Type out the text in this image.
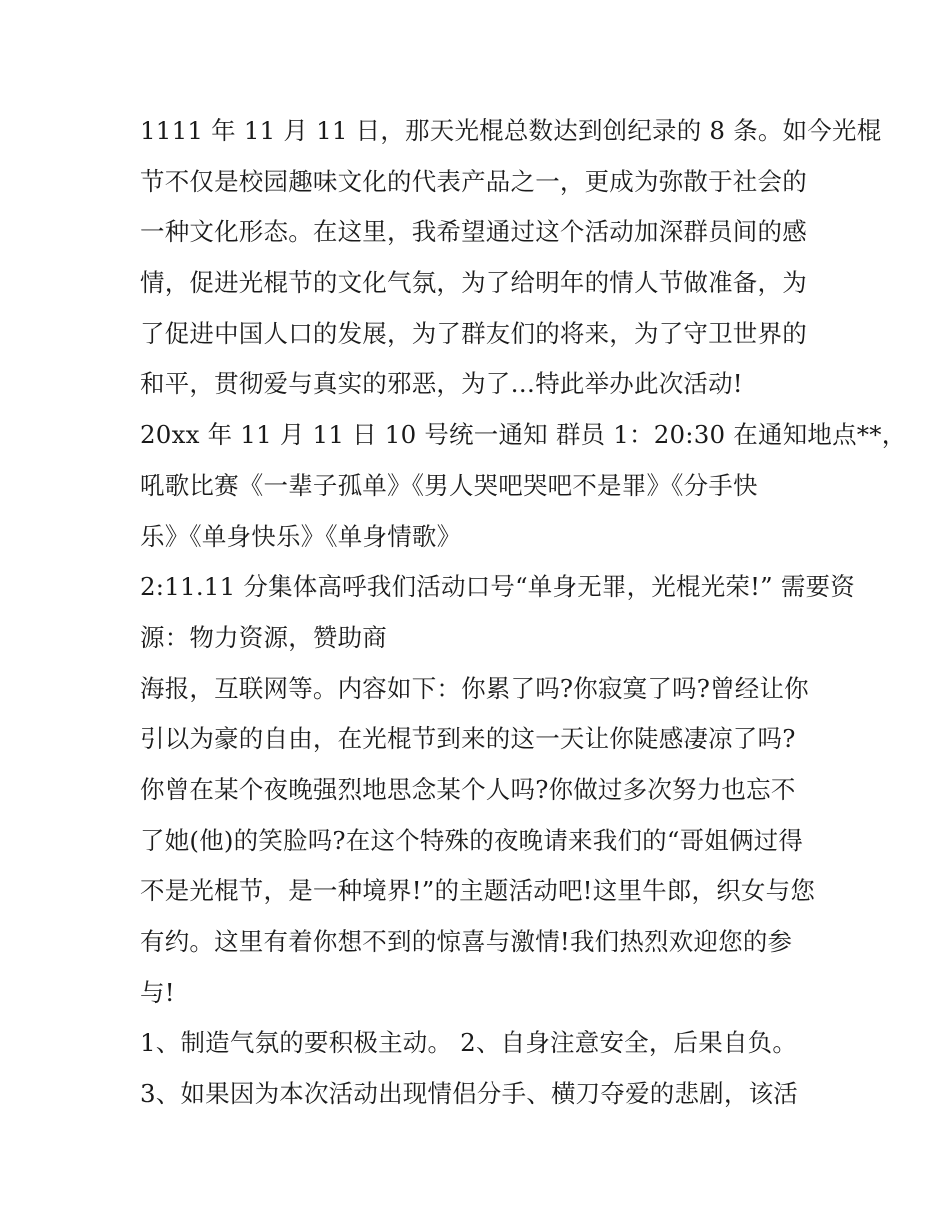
1111 年 11 月 11 日，那天光棍总数达到创纪录的 8 条。如今光棍
节不仅是校园趣味文化的代表产品之一，更成为弥散于社会的
一种文化形态。在这里，我希望通过这个活动加深群员间的感
情，促进光棍节的文化气氛，为了给明年的情人节做准备，为
了促进中国人口的发展，为了群友们的将来，为了守卫世界的
和平，贯彻爱与真实的邪恶，为了…特此举办此次活动!
20xx 年 11 月 11 日 10 号统一通知 群员 1：20:30 在通知地点**，
吼歌比赛《一辈子孤单》《男人哭吧哭吧不是罪》《分手快
乐》《单身快乐》《单身情歌》
2:11.11 分集体高呼我们活动口号“单身无罪，光棍光荣!” 需要资
源：物力资源，赞助商
海报，互联网等。内容如下：你累了吗?你寂寞了吗?曾经让你
引以为豪的自由，在光棍节到来的这一天让你陡感凄凉了吗?
你曾在某个夜晚强烈地思念某个人吗?你做过多次努力也忘不
了她(他)的笑脸吗?在这个特殊的夜晚请来我们的“哥姐俩过得
不是光棍节，是一种境界!”的主题活动吧!这里牛郎，织女与您
有约。这里有着你想不到的惊喜与激情!我们热烈欢迎您的参
与!
1、制造气氛的要积极主动。 2、自身注意安全，后果自负。
3、如果因为本次活动出现情侣分手、横刀夺爱的悲剧，该活
